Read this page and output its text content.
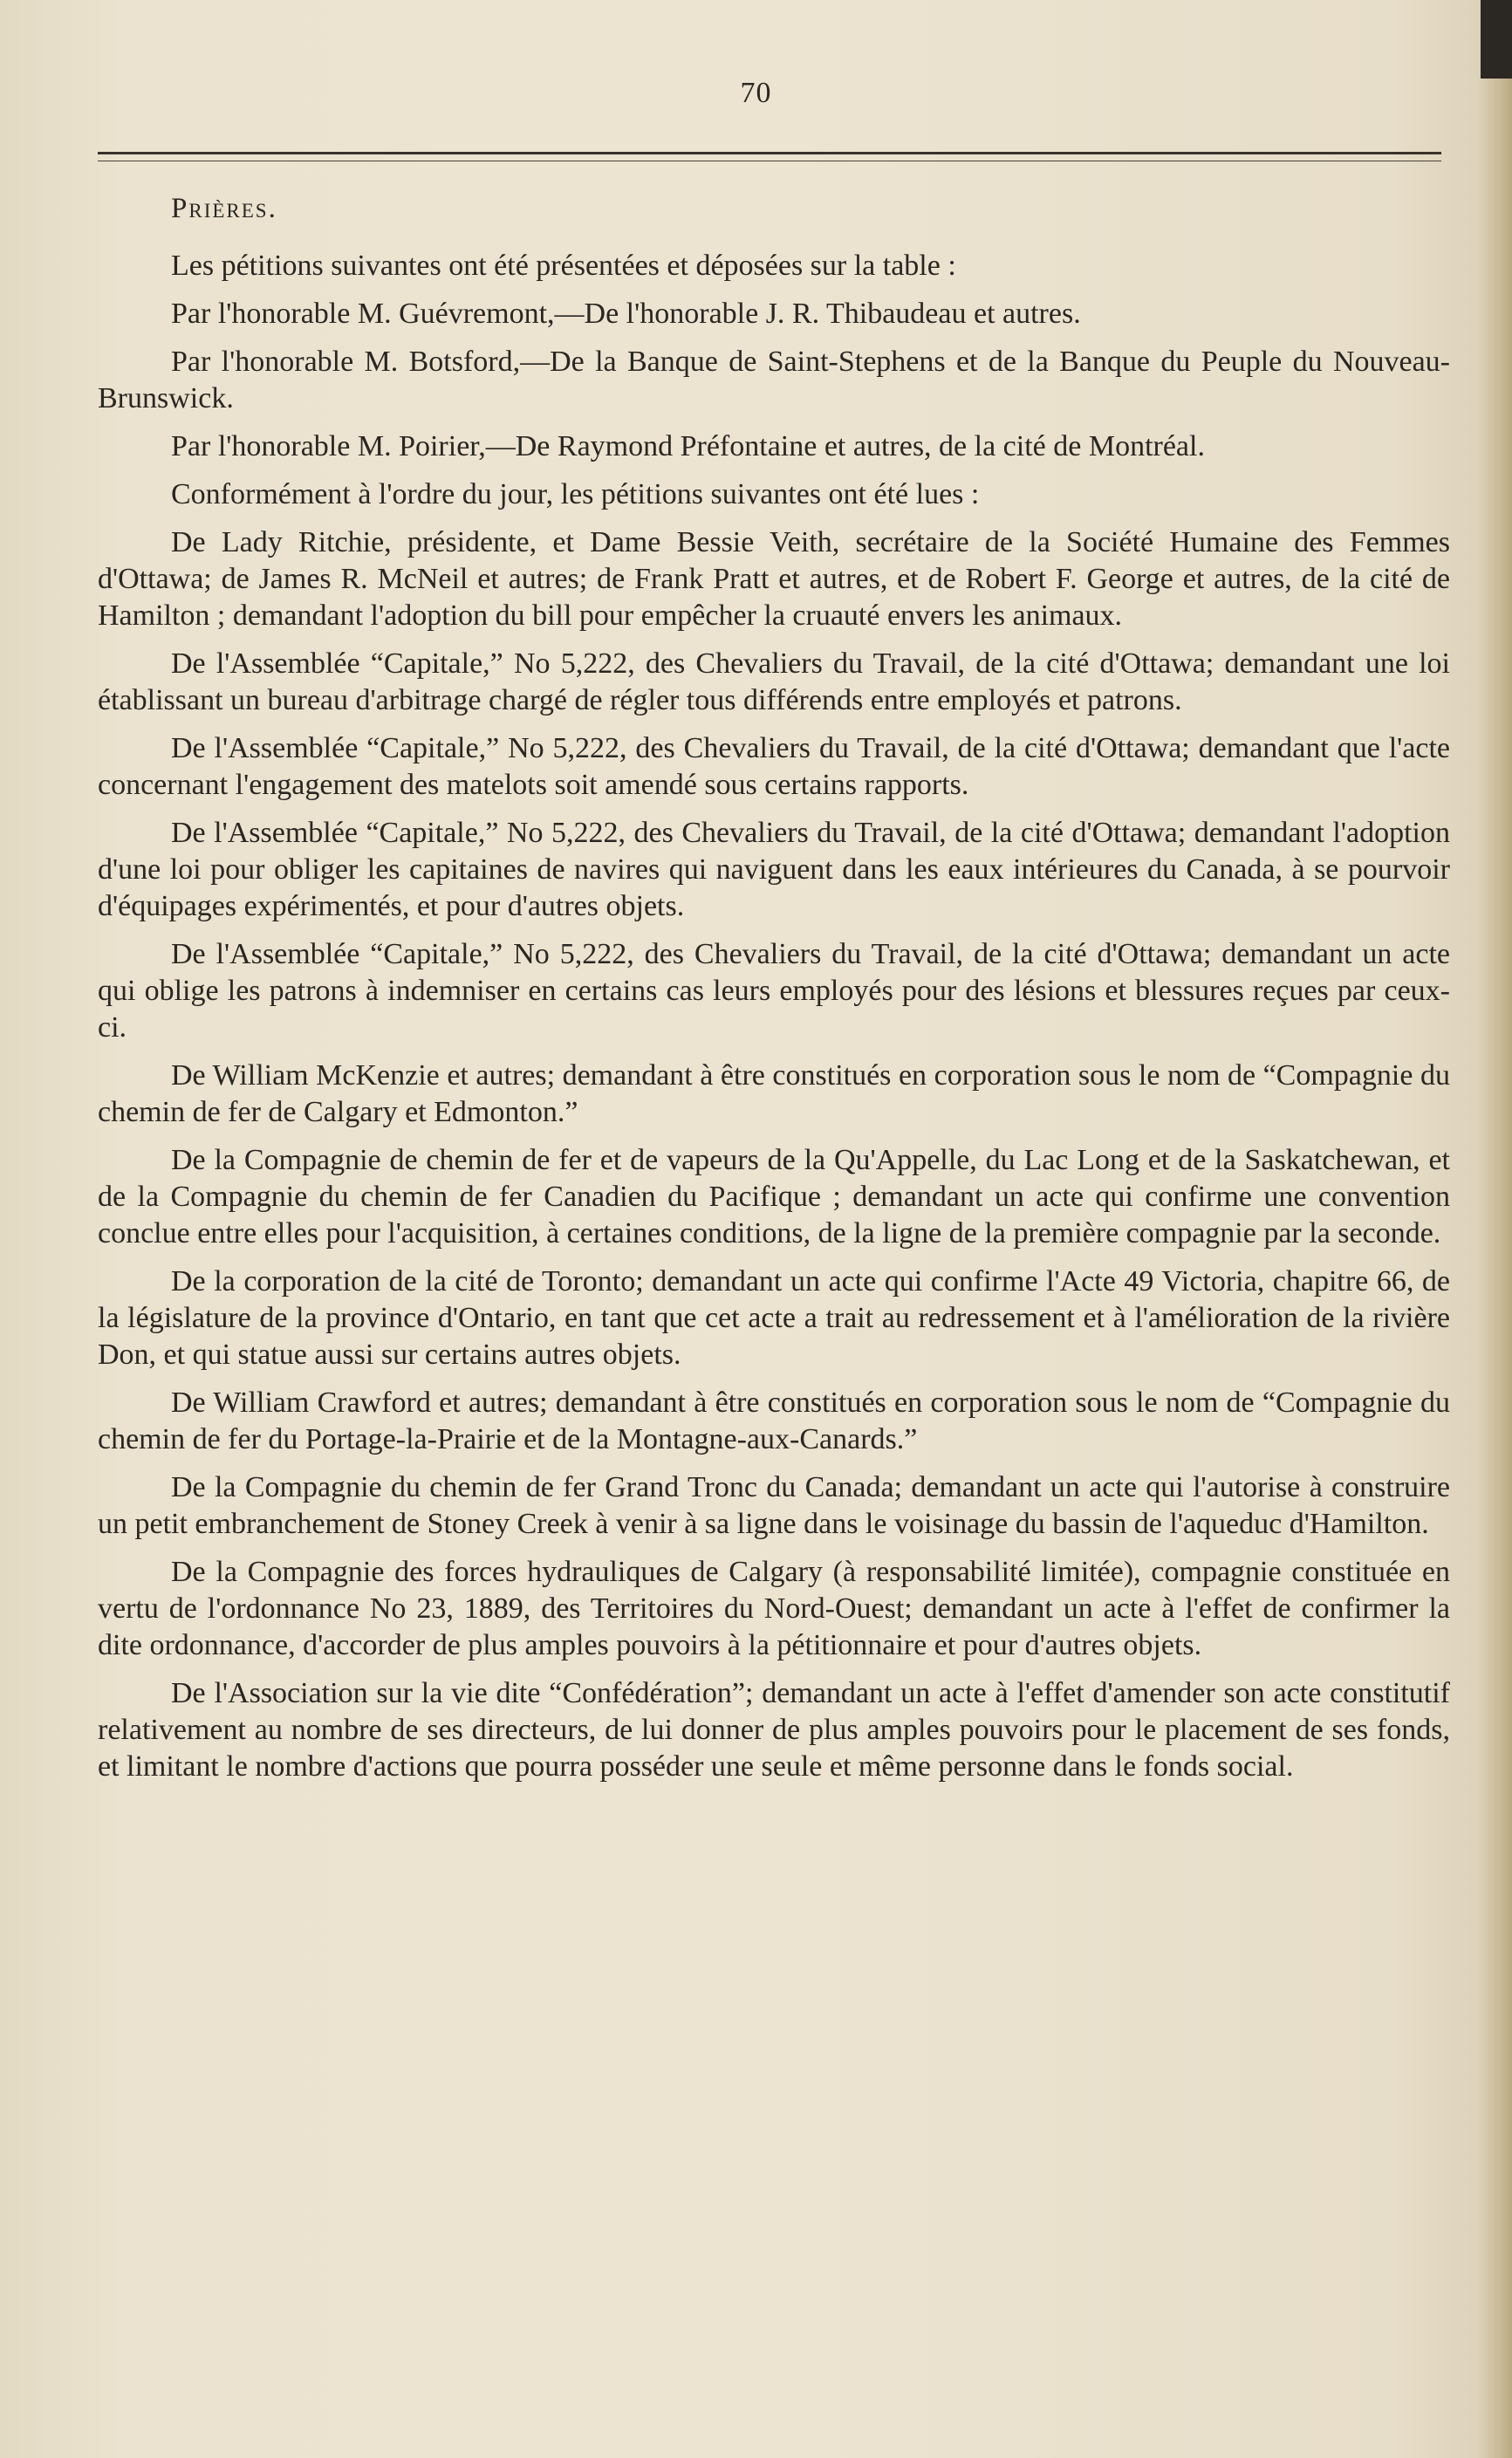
70
Prières.

Les pétitions suivantes ont été présentées et déposées sur la table :

Par l'honorable M. Guévremont,—De l'honorable J. R. Thibaudeau et autres.

Par l'honorable M. Botsford,—De la Banque de Saint-Stephens et de la Banque du Peuple du Nouveau-Brunswick.

Par l'honorable M. Poirier,—De Raymond Préfontaine et autres, de la cité de Montréal.

Conformément à l'ordre du jour, les pétitions suivantes ont été lues :

De Lady Ritchie, présidente, et Dame Bessie Veith, secrétaire de la Société Humaine des Femmes d'Ottawa; de James R. McNeil et autres; de Frank Pratt et autres, et de Robert F. George et autres, de la cité de Hamilton ; demandant l'adoption du bill pour empêcher la cruauté envers les animaux.

De l'Assemblée “Capitale,” No 5,222, des Chevaliers du Travail, de la cité d'Ottawa; demandant une loi établissant un bureau d'arbitrage chargé de régler tous différends entre employés et patrons.

De l'Assemblée “Capitale,” No 5,222, des Chevaliers du Travail, de la cité d'Ottawa; demandant que l'acte concernant l'engagement des matelots soit amendé sous certains rapports.

De l'Assemblée “Capitale,” No 5,222, des Chevaliers du Travail, de la cité d'Ottawa; demandant l'adoption d'une loi pour obliger les capitaines de navires qui naviguent dans les eaux intérieures du Canada, à se pourvoir d'équipages expérimentés, et pour d'autres objets.

De l'Assemblée “Capitale,” No 5,222, des Chevaliers du Travail, de la cité d'Ottawa; demandant un acte qui oblige les patrons à indemniser en certains cas leurs employés pour des lésions et blessures reçues par ceux-ci.

De William McKenzie et autres; demandant à être constitués en corporation sous le nom de “Compagnie du chemin de fer de Calgary et Edmonton.”

De la Compagnie de chemin de fer et de vapeurs de la Qu'Appelle, du Lac Long et de la Saskatchewan, et de la Compagnie du chemin de fer Canadien du Pacifique ; demandant un acte qui confirme une convention conclue entre elles pour l'acquisition, à certaines conditions, de la ligne de la première compagnie par la seconde.

De la corporation de la cité de Toronto; demandant un acte qui confirme l'Acte 49 Victoria, chapitre 66, de la législature de la province d'Ontario, en tant que cet acte a trait au redressement et à l'amélioration de la rivière Don, et qui statue aussi sur certains autres objets.

De William Crawford et autres; demandant à être constitués en corporation sous le nom de “Compagnie du chemin de fer du Portage-la-Prairie et de la Montagne-aux-Canards.”

De la Compagnie du chemin de fer Grand Tronc du Canada; demandant un acte qui l'autorise à construire un petit embranchement de Stoney Creek à venir à sa ligne dans le voisinage du bassin de l'aqueduc d'Hamilton.

De la Compagnie des forces hydrauliques de Calgary (à responsabilité limitée), compagnie constituée en vertu de l'ordonnance No 23, 1889, des Territoires du Nord-Ouest; demandant un acte à l'effet de confirmer la dite ordonnance, d'accorder de plus amples pouvoirs à la pétitionnaire et pour d'autres objets.

De l'Association sur la vie dite “Confédération”; demandant un acte à l'effet d'amender son acte constitutif relativement au nombre de ses directeurs, de lui donner de plus amples pouvoirs pour le placement de ses fonds, et limitant le nombre d'actions que pourra posséder une seule et même personne dans le fonds social.
